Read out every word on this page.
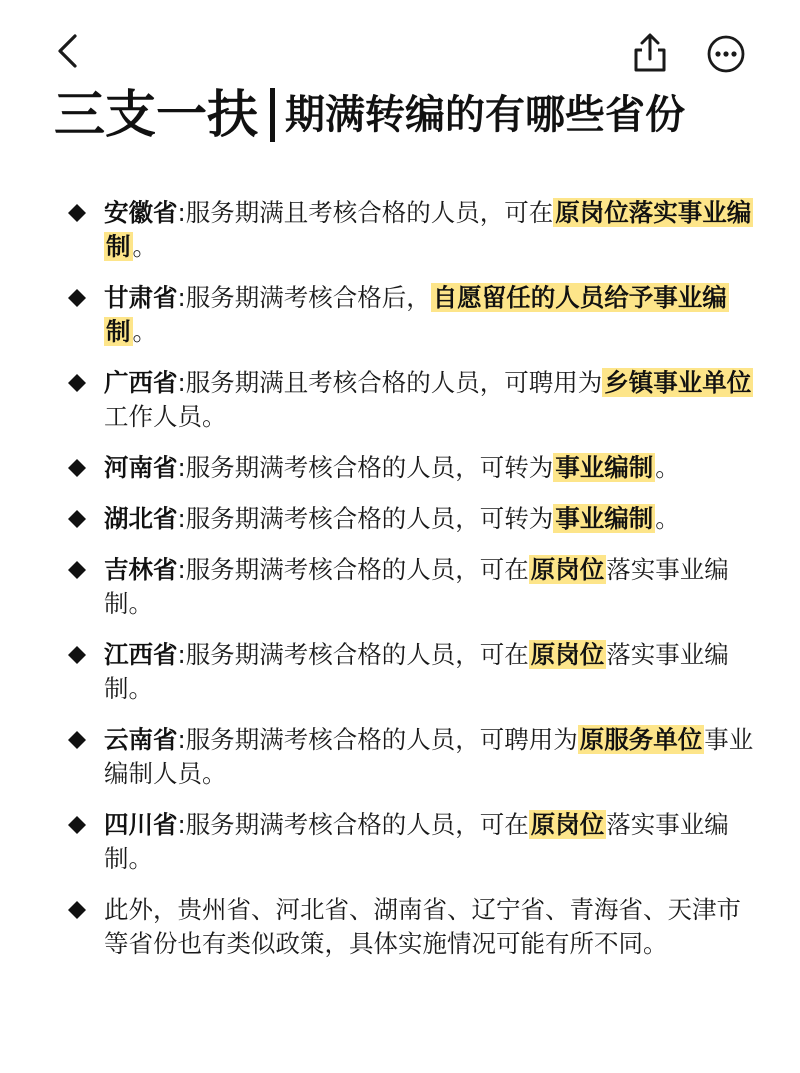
三支一扶 期满转编的有哪些省份
安徽省:服务期满且考核合格的人员，可在原岗位落实事业编制。
甘肃省:服务期满考核合格后，自愿留任的人员给予事业编制。
广西省:服务期满且考核合格的人员，可聘用为乡镇事业单位工作人员。
河南省:服务期满考核合格的人员，可转为事业编制。
湖北省:服务期满考核合格的人员，可转为事业编制。
吉林省:服务期满考核合格的人员，可在原岗位落实事业编制。
江西省:服务期满考核合格的人员，可在原岗位落实事业编制。
云南省:服务期满考核合格的人员，可聘用为原服务单位事业编制人员。
四川省:服务期满考核合格的人员，可在原岗位落实事业编制。
此外，贵州省、河北省、湖南省、辽宁省、青海省、天津市等省份也有类似政策，具体实施情况可能有所不同。
